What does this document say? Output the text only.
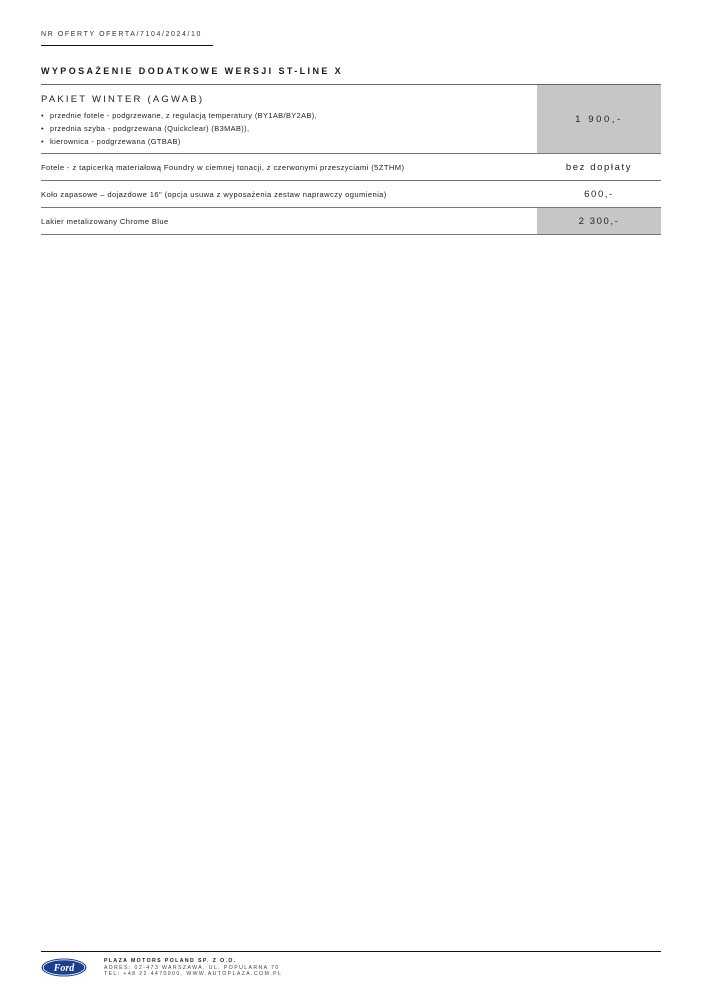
NR OFERTY OFERTA/7104/2024/10
WYPOSAŻENIE DODATKOWE WERSJI ST-LINE X
PAKIET WINTER (AGWAB)
• przednie fotele - podgrzewane, z regulacją temperatury (BY1AB/BY2AB),
• przednia szyba - podgrzewana (Quickclear) (B3MAB)),
• kierownica - podgrzewana (GTBAB)
1 900,-
Fotele - z tapicerką materiałową Foundry w ciemnej tonacji, z czerwonymi przeszyciami (5ZTHM)	bez dopłaty
Koło zapasowe – dojazdowe 16" (opcja usuwa z wyposażenia zestaw naprawczy ogumienia)	600,-
Lakier metalizowany Chrome Blue	2 300,-
Ford
PLAZA MOTORS POLAND SP. Z O.O.
ADRES: 02-473 WARSZAWA, UL. POPULARNA 70
TEL: +48 22 4470000, WWW.AUTOPLAZA.COM.PL
